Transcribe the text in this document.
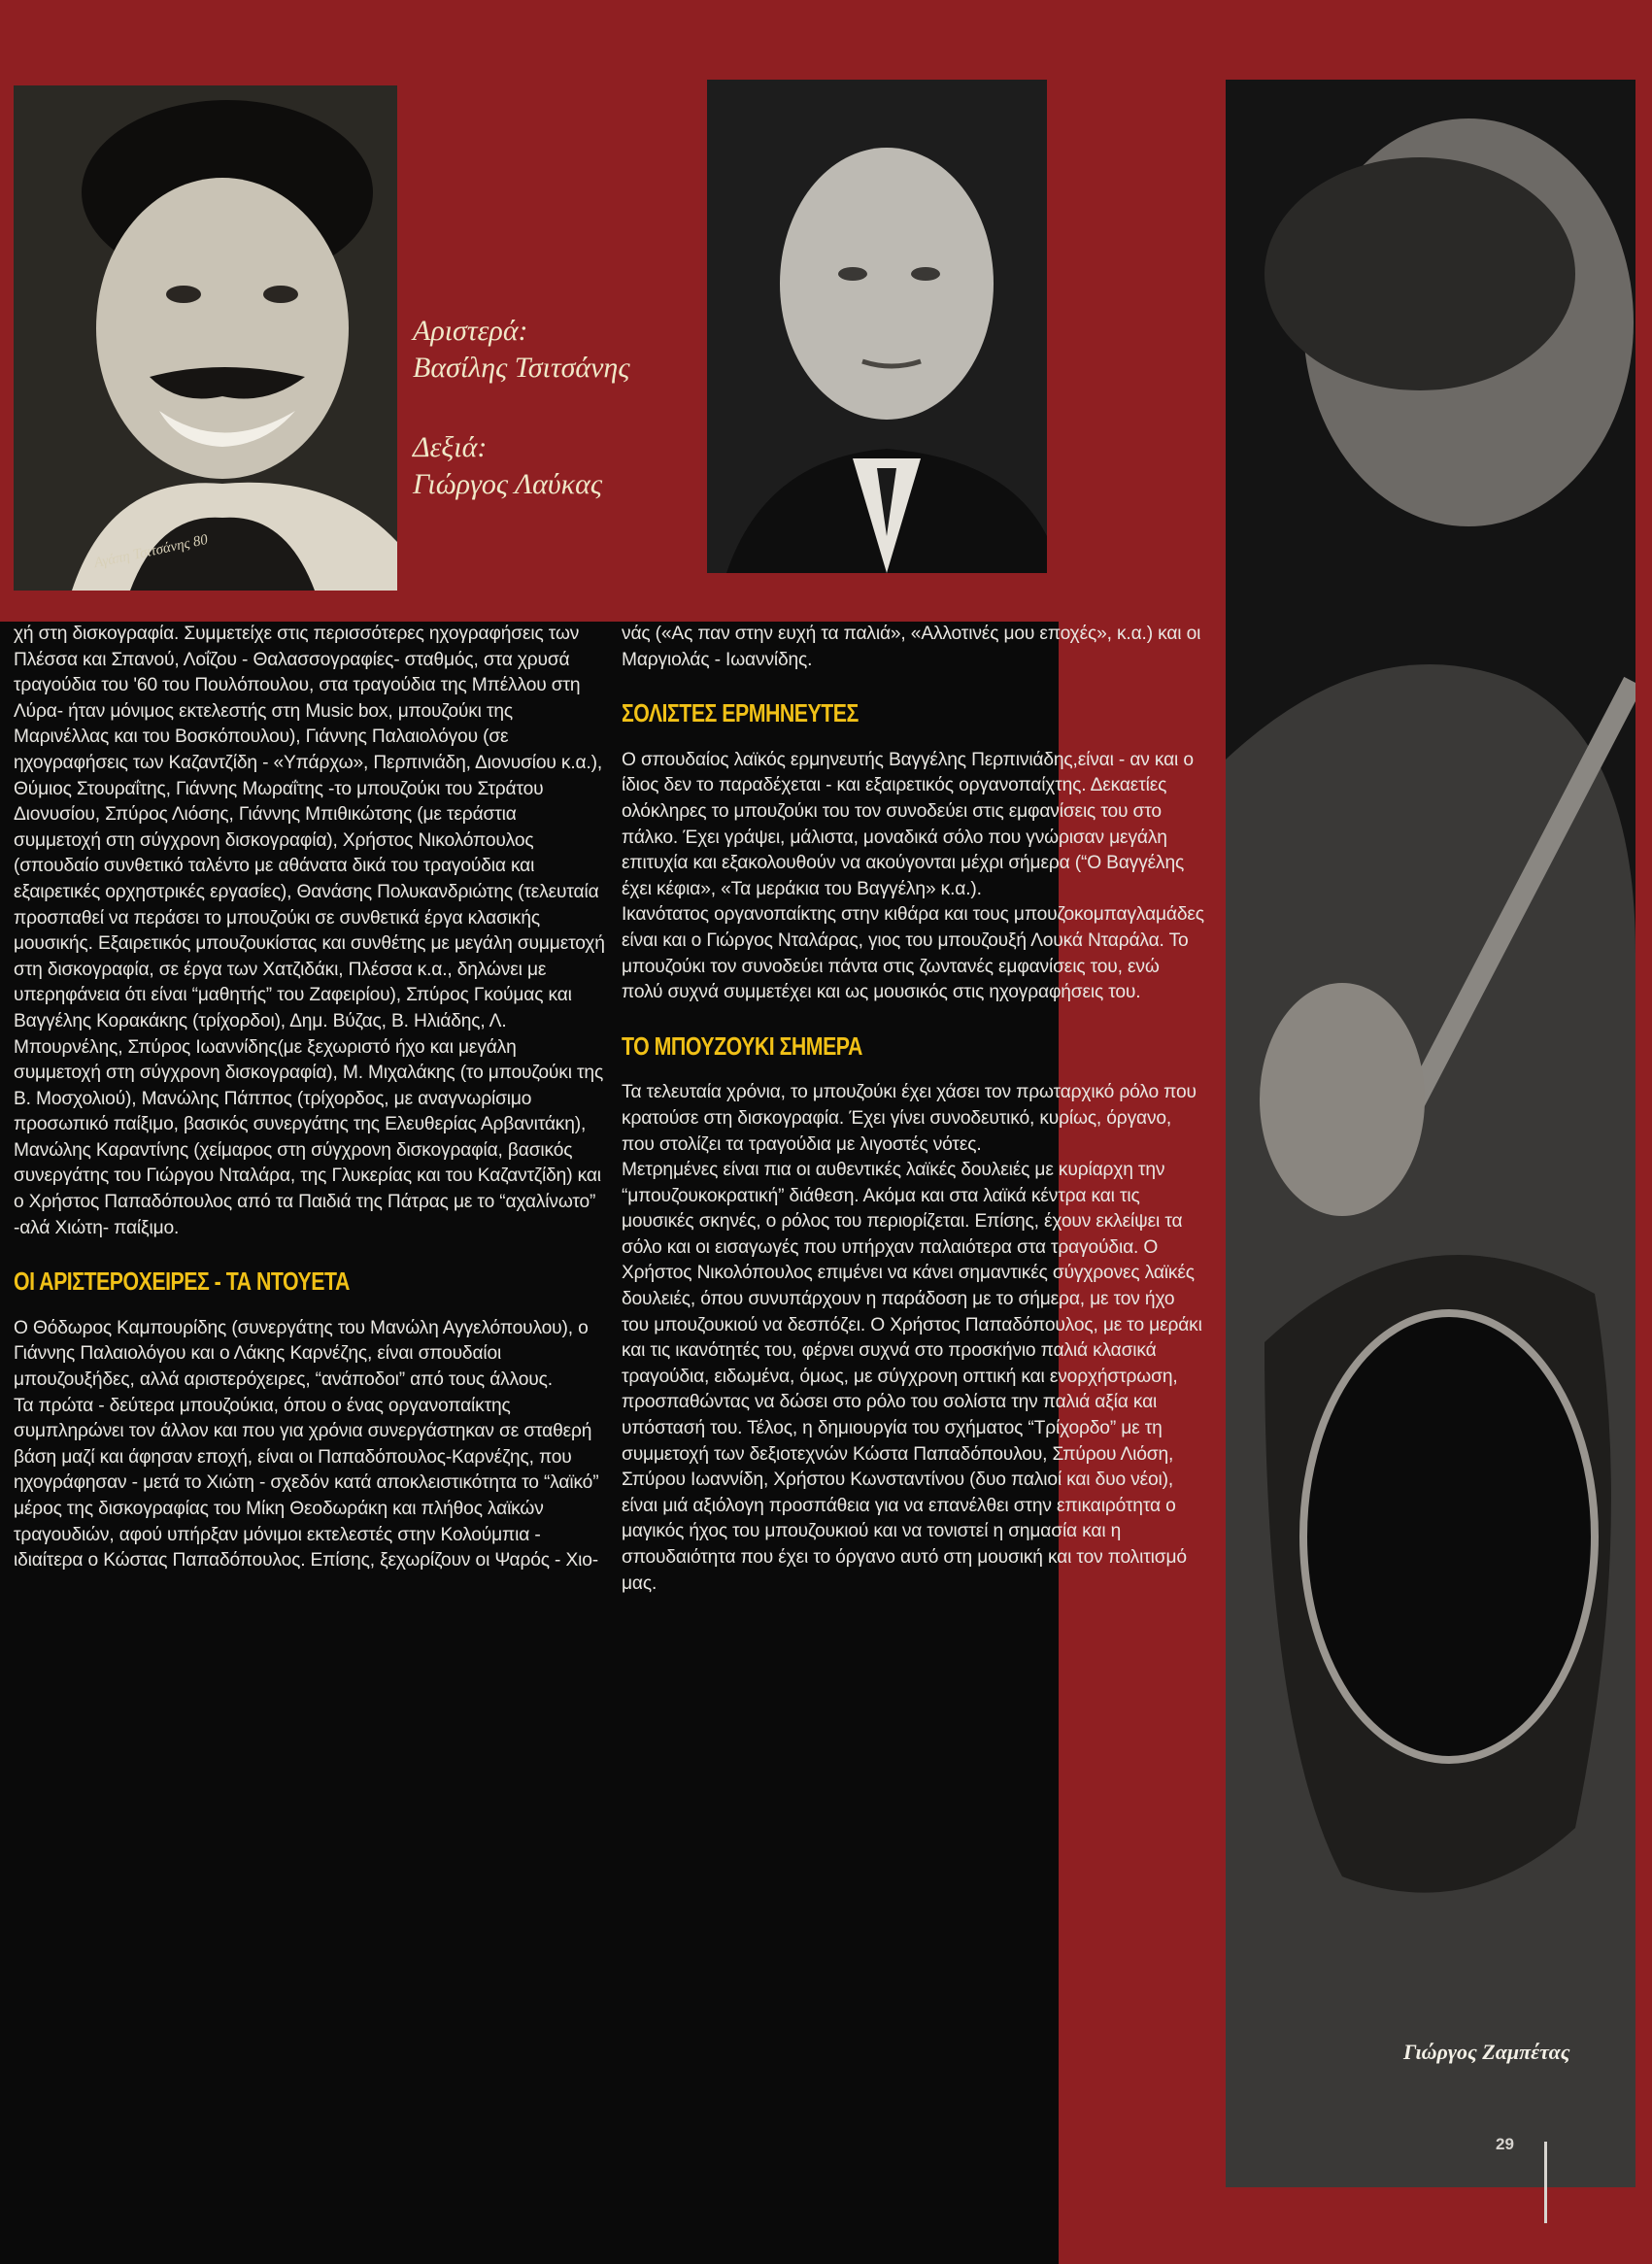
Αγάπη Τσιτσάνης 80

Αριστερά:

Βασίλης Τσιτσάνης

Δεξιά:

Γιώργος Λαύκας

χή στη δισκογραφία. Συμμετείχε στις περισσότερες ηχογραφήσεις των Πλέσσα και Σπανού, Λοΐζου - Θαλασσογραφίες- σταθμός, στα χρυσά τραγούδια του '60 του Πουλόπουλου, στα τραγούδια της Μπέλλου στη Λύρα- ήταν μόνιμος εκτελεστής στη Music box, μπουζούκι της Μαρινέλλας και του Βοσκόπουλου), Γιάννης Παλαιολόγου (σε ηχογραφήσεις των Καζαντζίδη - «Υπάρχω», Περπινιάδη, Διονυσίου κ.α.), Θύμιος Στουραΐτης, Γιάννης Μωραΐτης -το μπουζούκι του Στράτου Διονυσίου, Σπύρος Λιόσης, Γιάννης Μπιθικώτσης (με τεράστια συμμετοχή στη σύγχρονη δισκογραφία), Χρήστος Νικολόπουλος (σπουδαίο συνθετικό ταλέντο με αθάνατα δικά του τραγούδια και εξαιρετικές ορχηστρικές εργασίες), Θανάσης Πολυκανδριώτης (τελευταία προσπαθεί να περάσει το μπουζούκι σε συνθετικά έργα κλασικής μουσικής. Εξαιρετικός μπουζουκίστας και συνθέτης με μεγάλη συμμετοχή στη δισκογραφία, σε έργα των Χατζιδάκι, Πλέσσα κ.α., δηλώνει με υπερηφάνεια ότι είναι “μαθητής” του Ζαφειρίου), Σπύρος Γκούμας και Βαγγέλης Κορακάκης (τρίχορδοι), Δημ. Βύζας, Β. Ηλιάδης, Λ. Μπουρνέλης, Σπύρος Ιωαννίδης(με ξεχωριστό ήχο και μεγάλη συμμετοχή στη σύγχρονη δισκογραφία), Μ. Μιχαλάκης (το μπουζούκι της Β. Μοσχολιού), Μανώλης Πάππος (τρίχορδος, με αναγνωρίσιμο προσωπικό παίξιμο, βασικός συνεργάτης της Ελευθερίας Αρβανιτάκη), Μανώλης Καραντίνης (χείμαρος στη σύγχρονη δισκογραφία, βασικός συνεργάτης του Γιώργου Νταλάρα, της Γλυκερίας και του Καζαντζίδη) και ο Χρήστος Παπαδόπουλος από τα Παιδιά της Πάτρας με το “αχαλίνωτο” -αλά Χιώτη- παίξιμο.

ΟΙ ΑΡΙΣΤΕΡΟΧΕΙΡΕΣ - ΤΑ ΝΤΟΥΕΤΑ

Ο Θόδωρος Καμπουρίδης (συνεργάτης του Μανώλη Αγγελόπουλου), ο Γιάννης Παλαιολόγου και ο Λάκης Καρνέζης, είναι σπουδαίοι μπουζουξήδες, αλλά αριστερόχειρες, “ανάποδοι” από τους άλλους.

Τα πρώτα - δεύτερα μπουζούκια, όπου ο ένας οργανοπαίκτης συμπληρώνει τον άλλον και που για χρόνια συνεργάστηκαν σε σταθερή βάση μαζί και άφησαν εποχή, είναι οι Παπαδόπουλος-Καρνέζης, που ηχογράφησαν - μετά το Χιώτη - σχεδόν κατά αποκλειστικότητα το “λαϊκό” μέρος της δισκογραφίας του Μίκη Θεοδωράκη και πλήθος λαϊκών τραγουδιών, αφού υπήρξαν μόνιμοι εκτελεστές στην Κολούμπια - ιδιαίτερα ο Κώστας Παπαδόπουλος. Επίσης, ξεχωρίζουν οι Ψαρός - Χιο-

νάς («Ας παν στην ευχή τα παλιά», «Αλλοτινές μου εποχές», κ.α.) και οι Μαργιολάς - Ιωαννίδης.

ΣΟΛΙΣΤΕΣ ΕΡΜΗΝΕΥΤΕΣ

Ο σπουδαίος λαϊκός ερμηνευτής Βαγγέλης Περπινιάδης,είναι - αν και ο ίδιος δεν το παραδέχεται - και εξαιρετικός οργανοπαίχτης. Δεκαετίες ολόκληρες το μπουζούκι του τον συνοδεύει στις εμφανίσεις του στο πάλκο. Έχει γράψει, μάλιστα, μοναδικά σόλο που γνώρισαν μεγάλη επιτυχία και εξακολουθούν να ακούγονται μέχρι σήμερα (“Ο Βαγγέλης έχει κέφια», «Τα μεράκια του Βαγγέλη» κ.α.).

Ικανότατος οργανοπαίκτης στην κιθάρα και τους μπουζοκομπαγλαμάδες είναι και ο Γιώργος Νταλάρας, γιος του μπουζουξή Λουκά Νταράλα. Το μπουζούκι τον συνοδεύει πάντα στις ζωντανές εμφανίσεις του, ενώ πολύ συχνά συμμετέχει και ως μουσικός στις ηχογραφήσεις του.

ΤΟ ΜΠΟΥΖΟΥΚΙ ΣΗΜΕΡΑ

Τα τελευταία χρόνια, το μπουζούκι έχει χάσει τον πρωταρχικό ρόλο που κρατούσε στη δισκογραφία. Έχει γίνει συνοδευτικό, κυρίως, όργανο, που στολίζει τα τραγούδια με λιγοστές νότες.

Μετρημένες είναι πια οι αυθεντικές λαϊκές δουλειές με κυρίαρχη την “μπουζουκοκρατική” διάθεση. Ακόμα και στα λαϊκά κέντρα και τις μουσικές σκηνές, ο ρόλος του περιορίζεται. Επίσης, έχουν εκλείψει τα σόλο και οι εισαγωγές που υπήρχαν παλαιότερα στα τραγούδια. Ο Χρήστος Νικολόπουλος επιμένει να κάνει σημαντικές σύγχρονες λαϊκές δουλειές, όπου συνυπάρχουν η παράδοση με το σήμερα, με τον ήχο του μπουζουκιού να δεσπόζει. Ο Χρήστος Παπαδόπουλος, με το μεράκι και τις ικανότητές του, φέρνει συχνά στο προσκήνιο παλιά κλασικά τραγούδια, ειδωμένα, όμως, με σύγχρονη οπτική και ενορχήστρωση, προσπαθώντας να δώσει στο ρόλο του σολίστα την παλιά αξία και υπόστασή του. Τέλος, η δημιουργία του σχήματος “Τρίχορδο” με τη συμμετοχή των δεξιοτεχνών Κώστα Παπαδόπουλου, Σπύρου Λιόση, Σπύρου Ιωαννίδη, Χρήστου Κωνσταντίνου (δυο παλιοί και δυο νέοι), είναι μιά αξιόλογη προσπάθεια για να επανέλθει στην επικαιρότητα ο μαγικός ήχος του μπουζουκιού και να τονιστεί η σημασία και η σπουδαιότητα που έχει το όργανο αυτό στη μουσική και τον πολιτισμό μας.

Γιώργος Ζαμπέτας
29
